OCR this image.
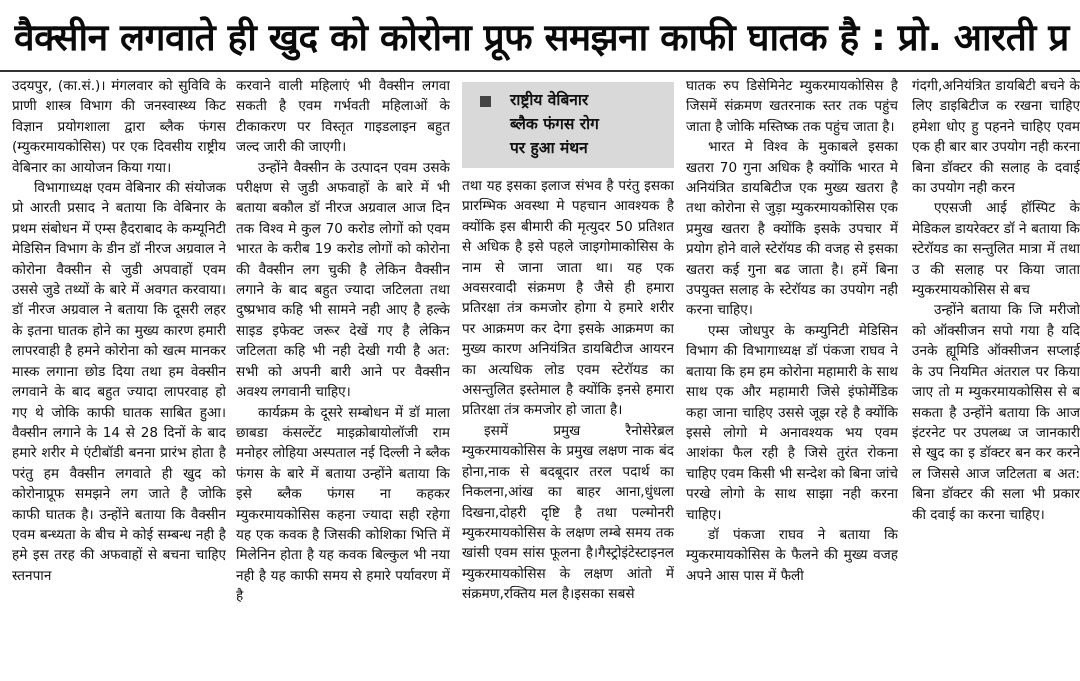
वैक्सीन लगवाते ही खुद को कोरोना प्रूफ समझना काफी घातक है : प्रो. आरती प्र

उदयपुर, (का.सं.)। मंगलवार को सुविवि के प्राणी शास्त्र विभाग की जनस्वास्थ्य किट विज्ञान प्रयोगशाला द्वारा ब्लैक फंगस (म्युकरमायकोसिस) पर एक दिवसीय राष्ट्रीय वेबिनार का आयोजन किया गया।

विभागाध्यक्ष एवम वेबिनार की संयोजक प्रो आरती प्रसाद ने बताया कि वेबिनार के प्रथम संबोधन में एम्स हैदराबाद के कम्यूनिटी मेडिसिन विभाग के डीन डॉ नीरज अग्रवाल ने कोरोना वैक्सीन से जुडी अपवाहों एवम उससे जुडे तथ्यों के बारे में अवगत करवाया। डॉ नीरज अग्रवाल ने बताया कि दूसरी लहर के इतना घातक होने का मुख्य कारण हमारी लापरवाही है हमने कोरोना को खत्म मानकर मास्क लगाना छोड दिया तथा हम वेक्सीन लगवाने के बाद बहुत ज्यादा लापरवाह हो गए थे जोकि काफी घातक साबित हुआ। वैक्सीन लगाने के 14 से 28 दिनों के बाद हमारे शरीर मे एंटीबॉडी बनना प्रारंभ होता है परंतु हम वैक्सीन लगवाते ही खुद को कोरोनाप्रूफ समझने लग जाते है जोकि काफी घातक है। उन्होंने बताया कि वैक्सीन एवम बन्ध्यता के बीच मे कोई सम्बन्ध नही है हमे इस तरह की अफवाहों से बचना चाहिए स्तनपान

करवाने वाली महिलाएं भी वैक्सीन लगवा सकती है एवम गर्भवती महिलाओं के टीकाकरण पर विस्तृत गाइडलाइन बहुत जल्द जारी की जाएगी।

उन्होंने वैक्सीन के उत्पादन एवम उसके परीक्षण से जुडी अफवाहों के बारे में भी बताया बकौल डॉ नीरज अग्रवाल आज दिन तक विश्व मे कुल 70 करोड लोगों को एवम भारत के करीब 19 करोड लोगों को कोरोना की वैक्सीन लग चुकी है लेकिन वैक्सीन लगाने के बाद बहुत ज्यादा जटिलता तथा दुष्प्रभाव कहि भी सामने नही आए है हल्के साइड इफेक्ट जरूर देखें गए है लेकिन जटिलता कहि भी नही देखी गयी है अत: सभी को अपनी बारी आने पर वैक्सीन अवश्य लगवानी चाहिए।

कार्यक्रम के दूसरे सम्बोधन में डॉ माला छाबडा कंसल्टेंट माइक्रोबायोलॉजी राम मनोहर लोहिया अस्पताल नई दिल्ली ने ब्लैक फंगस के बारे में बताया उन्होंने बताया कि इसे ब्लैक फंगस ना कहकर म्युकरमायकोसिस कहना ज्यादा सही रहेगा यह एक कवक है जिसकी कोशिका भित्ति में मिलेनिन होता है यह कवक बिल्कुल भी नया नही है यह काफी समय से हमारे पर्यावरण में है

राष्ट्रीय वेबिनार
ब्लैक फंगस रोग
पर हुआ मंथन

तथा यह इसका इलाज संभव है परंतु इसका प्रारम्भिक अवस्था मे पहचान आवश्यक है क्योंकि इस बीमारी की मृत्युदर 50 प्रतिशत से अधिक है इसे पहले जाइगोमाकोसिस के नाम से जाना जाता था। यह एक अवसरवादी संक्रमण है जैसे ही हमारा प्रतिरक्षा तंत्र कमजोर होगा ये हमारे शरीर पर आक्रमण कर देगा इसके आक्रमण का मुख्य कारण अनियंत्रित डायबिटीज आयरन का अत्यधिक लोड एवम स्टेरॉयड का असन्तुलित इस्तेमाल है क्योंकि इनसे हमारा प्रतिरक्षा तंत्र कमजोर हो जाता है।

इसमें प्रमुख रैनोसेरेब्रल म्युकरमायकोसिस के प्रमुख लक्षण नाक बंद होना,नाक से बदबूदार तरल पदार्थ का निकलना,आंख का बाहर आना,धुंधला दिखना,दोहरी दृष्टि है तथा पल्मोनरी म्युकरमायकोसिस के लक्षण लम्बे समय तक खांसी एवम सांस फूलना है।गैस्ट्रोइंटेस्टाइनल म्युकरमायकोसिस के लक्षण आंतो में संक्रमण,रक्तिय मल है।इसका सबसे

घातक रुप डिसेमिनेट म्युकरमायकोसिस है जिसमें संक्रमण खतरनाक स्तर तक पहुंच जाता है जोकि मस्तिष्क तक पहुंच जाता है।

भारत मे विश्व के मुकाबले इसका खतरा 70 गुना अधिक है क्योंकि भारत मे अनियंत्रित डायबिटीज एक मुख्य खतरा है तथा कोरोना से जुड़ा म्युकरमायकोसिस एक प्रमुख खतरा है क्योंकि इसके उपचार में प्रयोग होने वाले स्टेरॉयड की वजह से इसका खतरा कई गुना बढ जाता है। हमें बिना उपयुक्त सलाह के स्टेरॉयड का उपयोग नही करना चाहिए।

एम्स जोधपुर के कम्युनिटी मेडिसिन विभाग की विभागाध्यक्ष डॉ पंकजा राघव ने बताया कि हम हम कोरोना महामारी के साथ साथ एक और महामारी जिसे इंफोर्मेडिक कहा जाना चाहिए उससे जूझ रहे है क्योंकि इससे लोगो मे अनावश्यक भय एवम आशंका फैल रही है जिसे तुरंत रोकना चाहिए एवम किसी भी सन्देश को बिना जांचे परखे लोगो के साथ साझा नही करना चाहिए।

डॉ पंकजा राघव ने बताया कि म्युकरमायकोसिस के फैलने की मुख्य वजह अपने आस पास में फैली

गंदगी,अनियंत्रित डायबिटी बचने के लिए डाइबिटीज क रखना चाहिए हमेशा धोए हु पहनने चाहिए एवम एक ही बार बार उपयोग नही करना बिना डॉक्टर की सलाह के दवाई का उपयोग नही करन

एएसजी आई हॉस्पिट के मेडिकल डायरेक्टर डॉ ने बताया कि स्टेरॉयड का सन्तुलित मात्रा में तथा उ की सलाह पर किया जाता म्युकरमायकोसिस से बच

उन्होंने बताया कि जि मरीजो को ऑक्सीजन सपो गया है यदि उनके ह्यूमिडि ऑक्सीजन सप्लाई के उप नियमित अंतराल पर किया जाए तो म म्युकरमायकोसिस से ब सकता है उन्होंने बताया कि आज इंटरनेट पर उपलब्ध ज जानकारी से खुद का इ डॉक्टर बन कर करने ल जिससे आज जटिलता ब अत: बिना डॉक्टर की सला भी प्रकार की दवाई का करना चाहिए।
